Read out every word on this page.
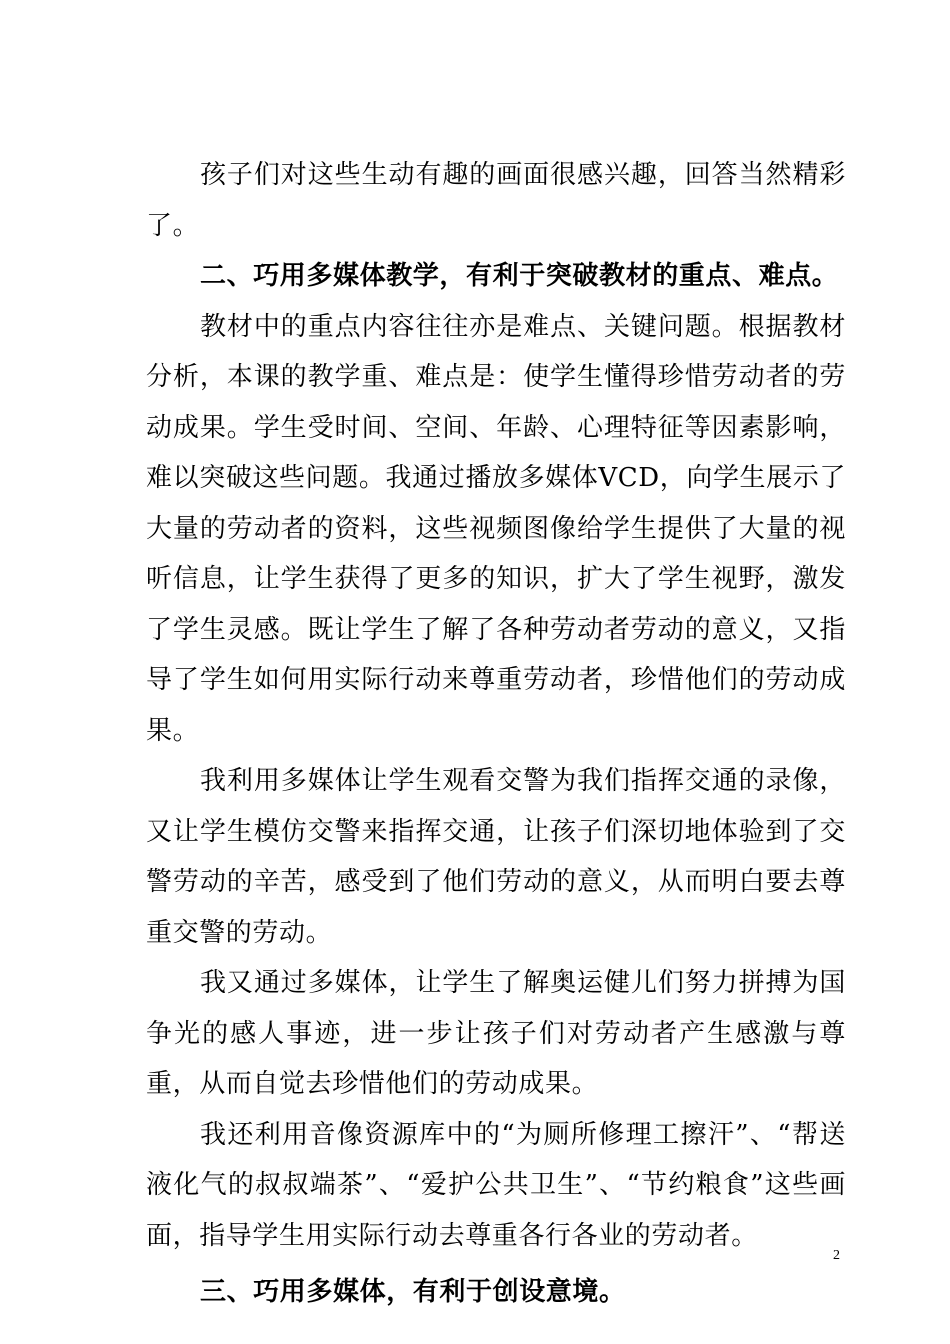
孩子们对这些生动有趣的画面很感兴趣，回答当然精彩了。

二、巧用多媒体教学，有利于突破教材的重点、难点。

教材中的重点内容往往亦是难点、关键问题。根据教材分析，本课的教学重、难点是：使学生懂得珍惜劳动者的劳动成果。学生受时间、空间、年龄、心理特征等因素影响，难以突破这些问题。我通过播放多媒体VCD，向学生展示了大量的劳动者的资料，这些视频图像给学生提供了大量的视听信息，让学生获得了更多的知识，扩大了学生视野，激发了学生灵感。既让学生了解了各种劳动者劳动的意义，又指导了学生如何用实际行动来尊重劳动者，珍惜他们的劳动成果。

我利用多媒体让学生观看交警为我们指挥交通的录像，又让学生模仿交警来指挥交通，让孩子们深切地体验到了交警劳动的辛苦，感受到了他们劳动的意义，从而明白要去尊重交警的劳动。

我又通过多媒体，让学生了解奥运健儿们努力拼搏为国争光的感人事迹，进一步让孩子们对劳动者产生感激与尊重，从而自觉去珍惜他们的劳动成果。

我还利用音像资源库中的“为厕所修理工擦汗”、“帮送液化气的叔叔端茶”、“爱护公共卫生”、“节约粮食”这些画面，指导学生用实际行动去尊重各行各业的劳动者。

三、巧用多媒体，有利于创设意境。

2
